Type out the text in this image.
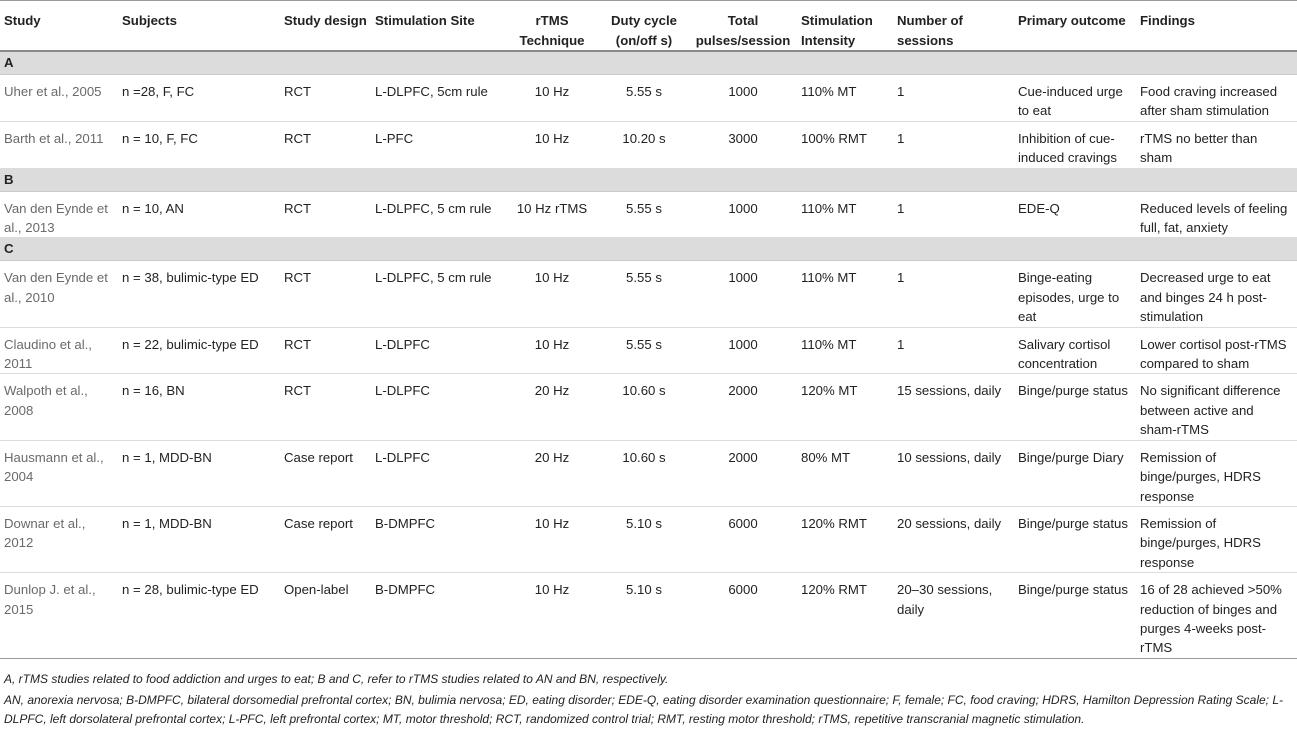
Study	Subjects	Study design	Stimulation Site	rTMS Technique	Duty cycle (on/off s)	Total pulses/session	Stimulation Intensity	Number of sessions	Primary outcome	Findings
A										
Uher et al., 2005	n =28, F, FC	RCT	L-DLPFC, 5cm rule	10 Hz	5.55 s	1000	110% MT	1	Cue-induced urge to eat	Food craving increased after sham stimulation
Barth et al., 2011	n = 10, F, FC	RCT	L-PFC	10 Hz	10.20 s	3000	100% RMT	1	Inhibition of cue-induced cravings	rTMS no better than sham
B										
Van den Eynde et al., 2013	n = 10, AN	RCT	L-DLPFC, 5 cm rule	10 Hz rTMS	5.55 s	1000	110% MT	1	EDE-Q	Reduced levels of feeling full, fat, anxiety
C										
Van den Eynde et al., 2010	n = 38, bulimic-type ED	RCT	L-DLPFC, 5 cm rule	10 Hz	5.55 s	1000	110% MT	1	Binge-eating episodes, urge to eat	Decreased urge to eat and binges 24 h post-stimulation
Claudino et al., 2011	n = 22, bulimic-type ED	RCT	L-DLPFC	10 Hz	5.55 s	1000	110% MT	1	Salivary cortisol concentration	Lower cortisol post-rTMS compared to sham
Walpoth et al., 2008	n = 16, BN	RCT	L-DLPFC	20 Hz	10.60 s	2000	120% MT	15 sessions, daily	Binge/purge status	No significant difference between active and sham-rTMS
Hausmann et al., 2004	n = 1, MDD-BN	Case report	L-DLPFC	20 Hz	10.60 s	2000	80% MT	10 sessions, daily	Binge/purge Diary	Remission of binge/purges, HDRS response
Downar et al., 2012	n = 1, MDD-BN	Case report	B-DMPFC	10 Hz	5.10 s	6000	120% RMT	20 sessions, daily	Binge/purge status	Remission of binge/purges, HDRS response
Dunlop J. et al., 2015	n = 28, bulimic-type ED	Open-label	B-DMPFC	10 Hz	5.10 s	6000	120% RMT	20–30 sessions, daily	Binge/purge status	16 of 28 achieved >50% reduction of binges and purges 4-weeks post-rTMS

A, rTMS studies related to food addiction and urges to eat; B and C, refer to rTMS studies related to AN and BN, respectively.

AN, anorexia nervosa; B-DMPFC, bilateral dorsomedial prefrontal cortex; BN, bulimia nervosa; ED, eating disorder; EDE-Q, eating disorder examination questionnaire; F, female; FC, food craving; HDRS, Hamilton Depression Rating Scale; L-DLPFC, left dorsolateral prefrontal cortex; L-PFC, left prefrontal cortex; MT, motor threshold; RCT, randomized control trial; RMT, resting motor threshold; rTMS, repetitive transcranial magnetic stimulation.
